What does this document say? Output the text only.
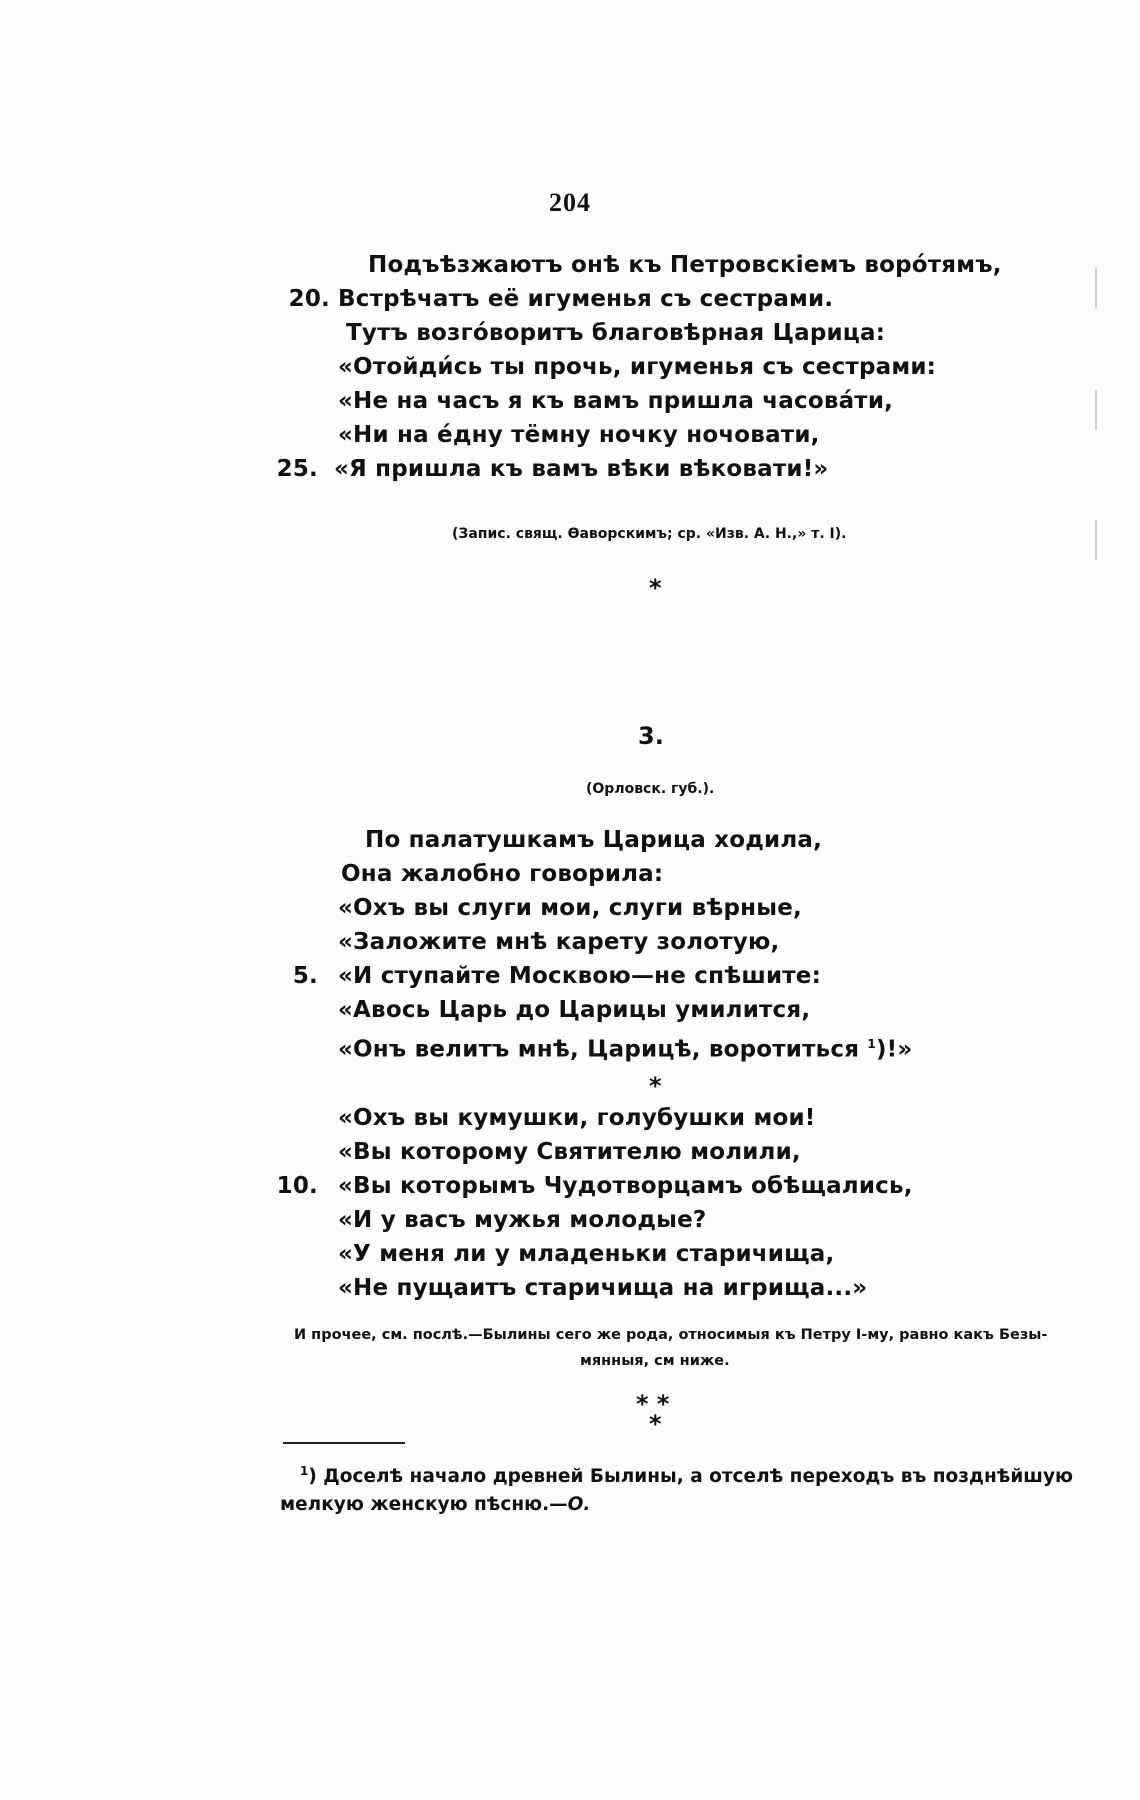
204
Подъѣзжаютъ онѣ къ Петровскіемъ воро́тямъ,
20. Встрѣчатъ её игуменья съ сестрами.
Тутъ возго́воритъ благовѣрная Царица:
«Отойди́сь ты прочь, игуменья съ сестрами:
«Не на часъ я къ вамъ пришла часова́ти,
«Ни на е́дну тёмну ночку ночовати,
25. «Я пришла къ вамъ вѣки вѣковати!»
(Запис. свящ. Ѳаворскимъ; ср. «Изв. А. Н.,» т. I).
*
3.
(Орловск. губ.).
По палатушкамъ Царица ходила,
Она жалобно говорила:
«Охъ вы слуги мои, слуги вѣрные,
«Заложите мнѣ карету золотую,
5. «И ступайте Москвою—не спѣшите:
«Авось Царь до Царицы умилится,
«Онъ велитъ мнѣ, Царицѣ, воротиться $^1$)!»
*
«Охъ вы кумушки, голубушки мои!
«Вы которому Святителю молили,
10. «Вы которымъ Чудотворцамъ обѣщались,
«И у васъ мужья молодые?
«У меня ли у младеньки старичища,
«Не пущаитъ старичища на игрища...»
И прочее, см. послѣ.—Былины сего же рода, относимыя къ Петру I-му, равно какъ Безы-
мянныя, см ниже.
* *
*
$^1$) Доселѣ начало древней Былины, а отселѣ переходъ въ позднѣйшую
мелкую женскую пѣсню.—О.
